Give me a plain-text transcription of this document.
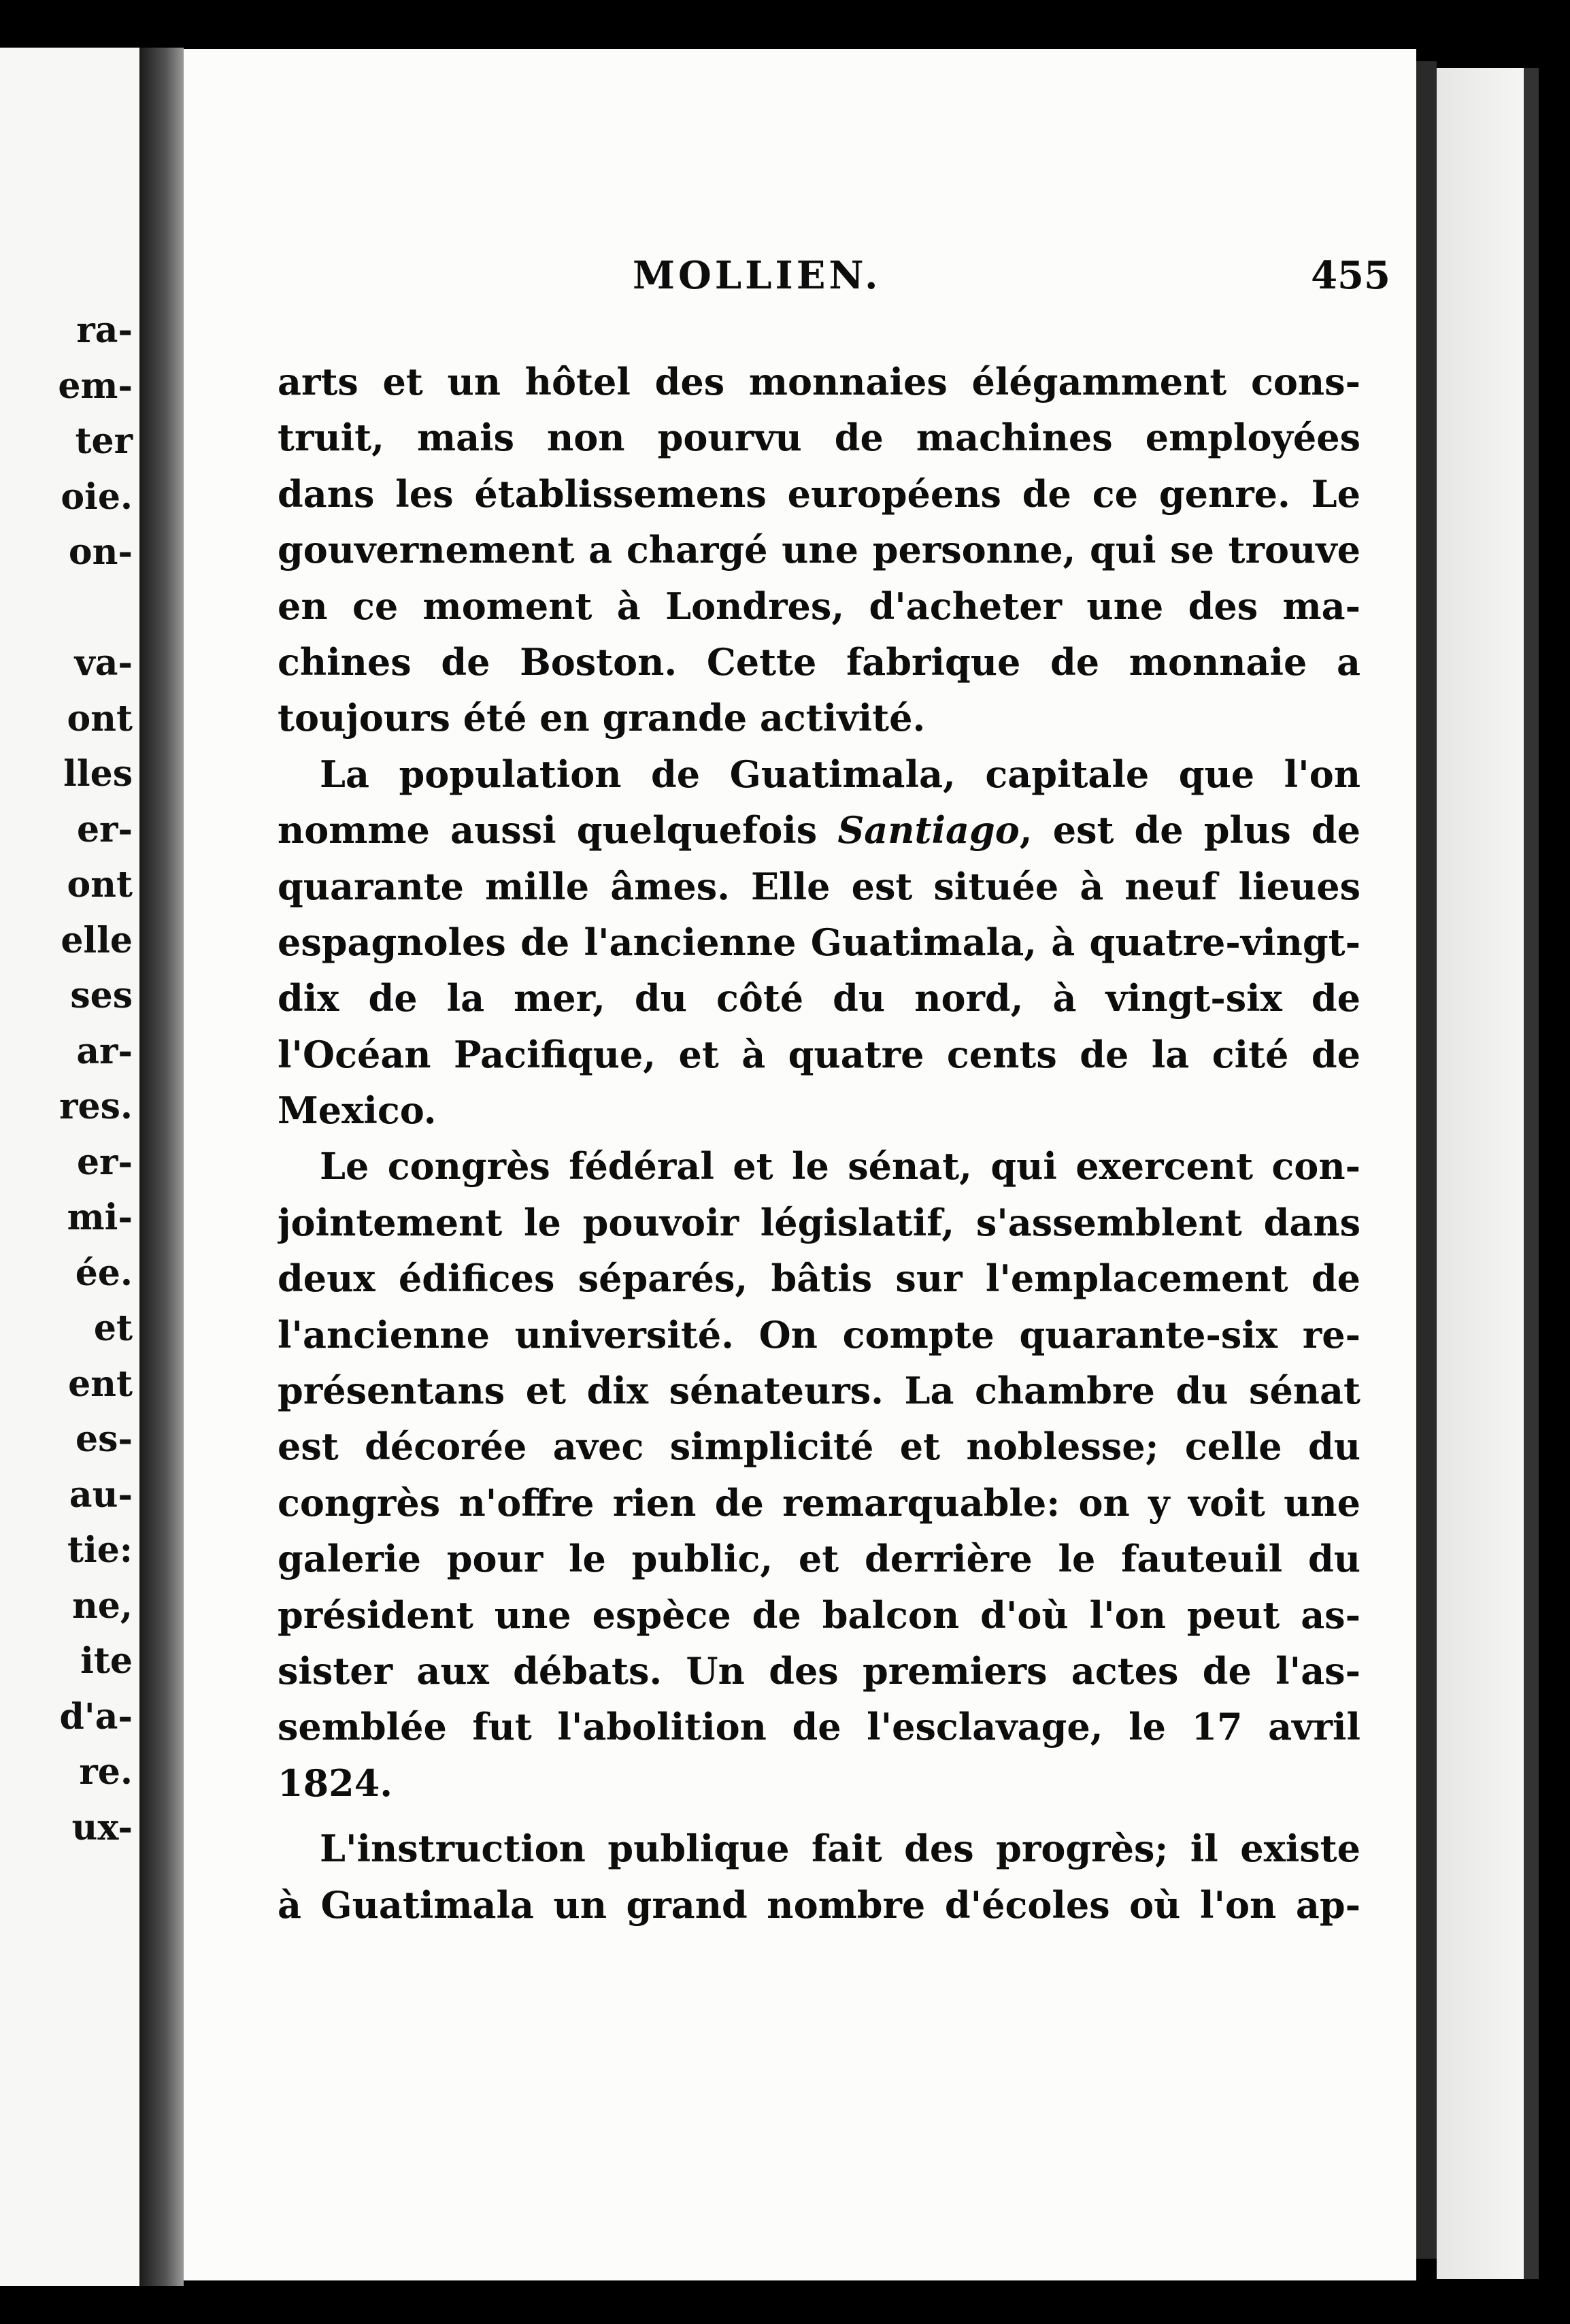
ra-
em-
ter
oie.
on-
va-
ont
lles
er-
ont
elle
ses
ar-
res.
er-
mi-
ée.
et
ent
es-
au-
tie:
ne,
ite
d'a-
re.
ux-
MOLLIEN.	455
arts et un hôtel des monnaies élégamment cons-
truit, mais non pourvu de machines employées
dans les établissemens européens de ce genre. Le
gouvernement a chargé une personne, qui se trouve
en ce moment à Londres, d'acheter une des ma-
chines de Boston. Cette fabrique de monnaie a
toujours été en grande activité.
La population de Guatimala, capitale que l'on
nomme aussi quelquefois Santiago, est de plus de
quarante mille âmes. Elle est située à neuf lieues
espagnoles de l'ancienne Guatimala, à quatre-vingt-
dix de la mer, du côté du nord, à vingt-six de
l'Océan Pacifique, et à quatre cents de la cité de
Mexico.
Le congrès fédéral et le sénat, qui exercent con-
jointement le pouvoir législatif, s'assemblent dans
deux édifices séparés, bâtis sur l'emplacement de
l'ancienne université. On compte quarante-six re-
présentans et dix sénateurs. La chambre du sénat
est décorée avec simplicité et noblesse; celle du
congrès n'offre rien de remarquable: on y voit une
galerie pour le public, et derrière le fauteuil du
président une espèce de balcon d'où l'on peut as-
sister aux débats. Un des premiers actes de l'as-
semblée fut l'abolition de l'esclavage, le 17 avril
1824.
L'instruction publique fait des progrès; il existe
à Guatimala un grand nombre d'écoles où l'on ap-
